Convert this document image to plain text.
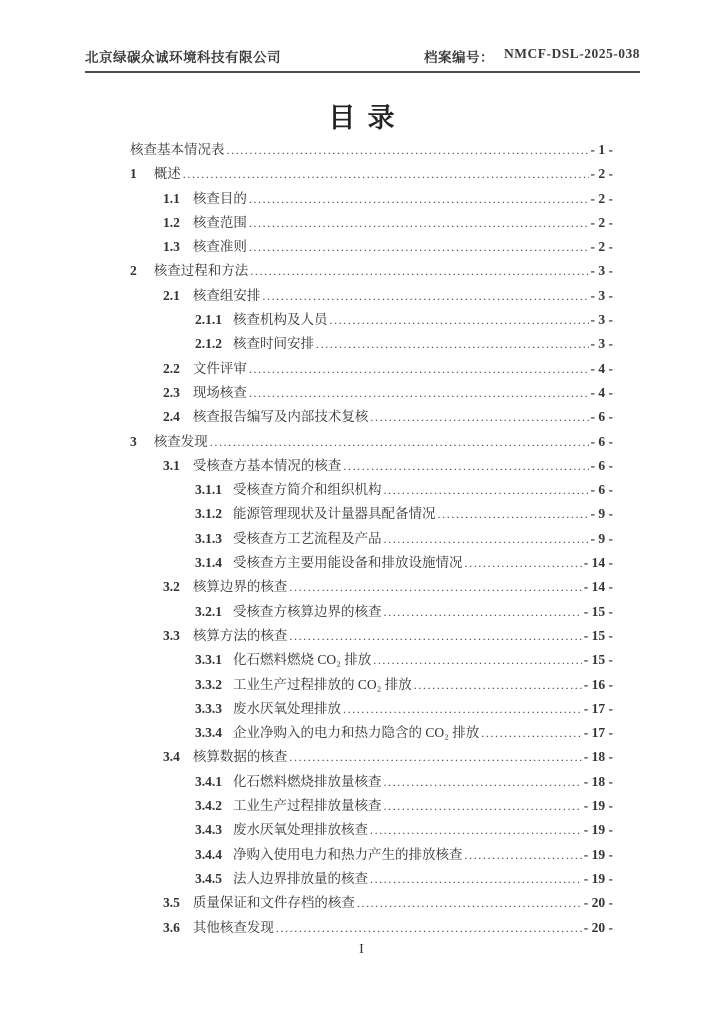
北京绿碳众诚环境科技有限公司	档案编号： NMCF-DSL-2025-038
目录
核查基本情况表 .....	- 1 -
1 概述 .....	- 2 -
1.1 核查目的 .....	- 2 -
1.2 核查范围 .....	- 2 -
1.3 核查准则 .....	- 2 -
2 核查过程和方法 .....	- 3 -
2.1 核查组安排 .....	- 3 -
2.1.1 核查机构及人员 .....	- 3 -
2.1.2 核查时间安排 .....	- 3 -
2.2 文件评审 .....	- 4 -
2.3 现场核查 .....	- 4 -
2.4 核查报告编写及内部技术复核 .....	- 6 -
3 核查发现 .....	- 6 -
3.1 受核查方基本情况的核查 .....	- 6 -
3.1.1 受核查方简介和组织机构 .....	- 6 -
3.1.2 能源管理现状及计量器具配备情况 .....	- 9 -
3.1.3 受核查方工艺流程及产品 .....	- 9 -
3.1.4 受核查方主要用能设备和排放设施情况 .....	- 14 -
3.2 核算边界的核查 .....	- 14 -
3.2.1 受核查方核算边界的核查 .....	- 15 -
3.3 核算方法的核查 .....	- 15 -
3.3.1 化石燃料燃烧 CO₂ 排放 .....	- 15 -
3.3.2 工业生产过程排放的 CO₂ 排放 .....	- 16 -
3.3.3 废水厌氧处理排放 .....	- 17 -
3.3.4 企业净购入的电力和热力隐含的 CO₂ 排放 .....	- 17 -
3.4 核算数据的核查 .....	- 18 -
3.4.1 化石燃料燃烧排放量核查 .....	- 18 -
3.4.2 工业生产过程排放量核查 .....	- 19 -
3.4.3 废水厌氧处理排放核查 .....	- 19 -
3.4.4 净购入使用电力和热力产生的排放核查 .....	- 19 -
3.4.5 法人边界排放量的核查 .....	- 19 -
3.5 质量保证和文件存档的核查 .....	- 20 -
3.6 其他核查发现 .....	- 20 -
I
